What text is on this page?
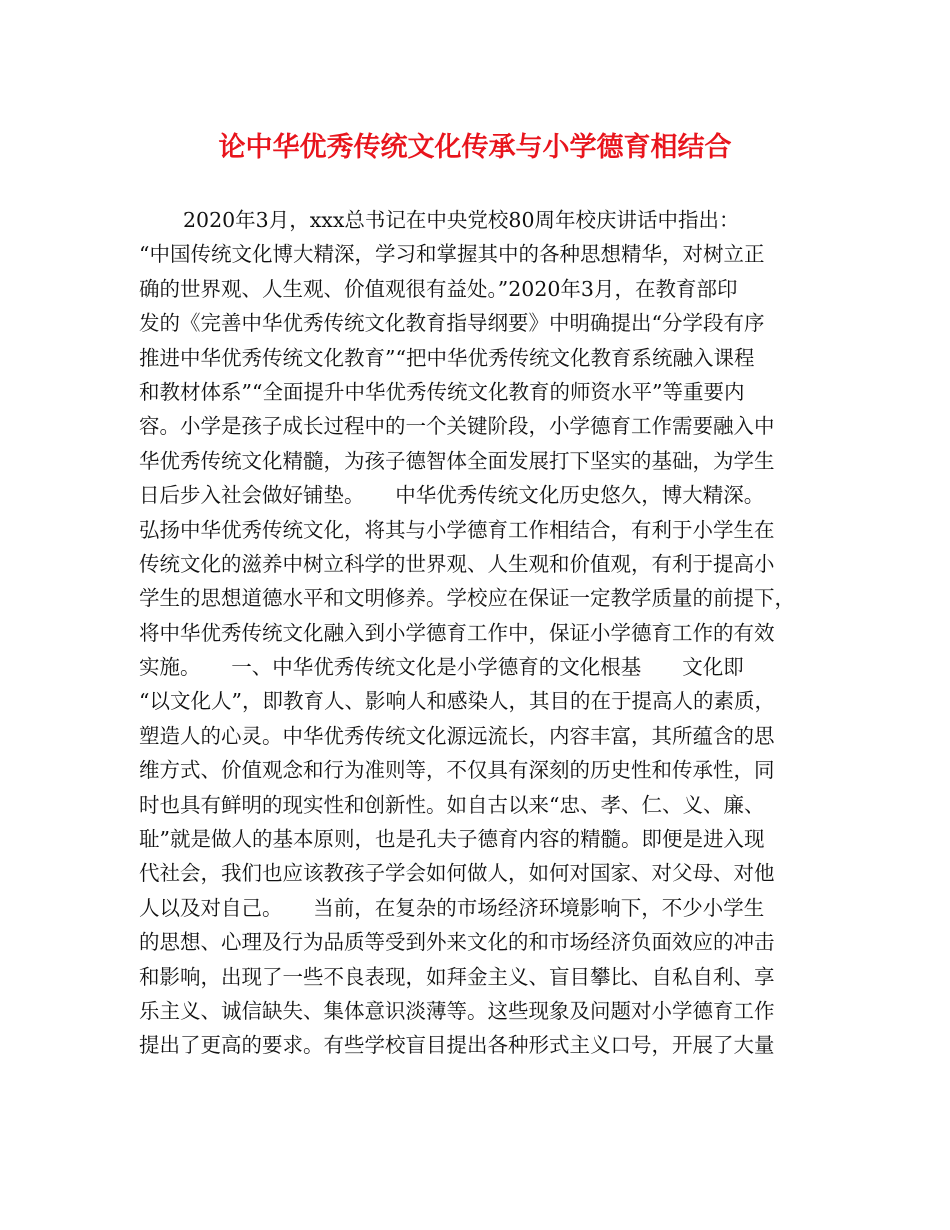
论中华优秀传统文化传承与小学德育相结合
2020年3月，xxx总书记在中央党校80周年校庆讲话中指出：
“中国传统文化博大精深，学习和掌握其中的各种思想精华，对树立正
确的世界观、人生观、价值观很有益处。”2020年3月，在教育部印
发的《完善中华优秀传统文化教育指导纲要》中明确提出“分学段有序
推进中华优秀传统文化教育”“把中华优秀传统文化教育系统融入课程
和教材体系”“全面提升中华优秀传统文化教育的师资水平”等重要内
容。小学是孩子成长过程中的一个关键阶段，小学德育工作需要融入中
华优秀传统文化精髓，为孩子德智体全面发展打下坚实的基础，为学生
日后步入社会做好铺垫。　　中华优秀传统文化历史悠久，博大精深。
弘扬中华优秀传统文化，将其与小学德育工作相结合，有利于小学生在
传统文化的滋养中树立科学的世界观、人生观和价值观，有利于提高小
学生的思想道德水平和文明修养。学校应在保证一定教学质量的前提下，
将中华优秀传统文化融入到小学德育工作中，保证小学德育工作的有效
实施。　　一、中华优秀传统文化是小学德育的文化根基　　文化即
“以文化人”，即教育人、影响人和感染人，其目的在于提高人的素质，
塑造人的心灵。中华优秀传统文化源远流长，内容丰富，其所蕴含的思
维方式、价值观念和行为准则等，不仅具有深刻的历史性和传承性，同
时也具有鲜明的现实性和创新性。如自古以来“忠、孝、仁、义、廉、
耻”就是做人的基本原则，也是孔夫子德育内容的精髓。即便是进入现
代社会，我们也应该教孩子学会如何做人，如何对国家、对父母、对他
人以及对自己。　　当前，在复杂的市场经济环境影响下，不少小学生
的思想、心理及行为品质等受到外来文化的和市场经济负面效应的冲击
和影响，出现了一些不良表现，如拜金主义、盲目攀比、自私自利、享
乐主义、诚信缺失、集体意识淡薄等。这些现象及问题对小学德育工作
提出了更高的要求。有些学校盲目提出各种形式主义口号，开展了大量
